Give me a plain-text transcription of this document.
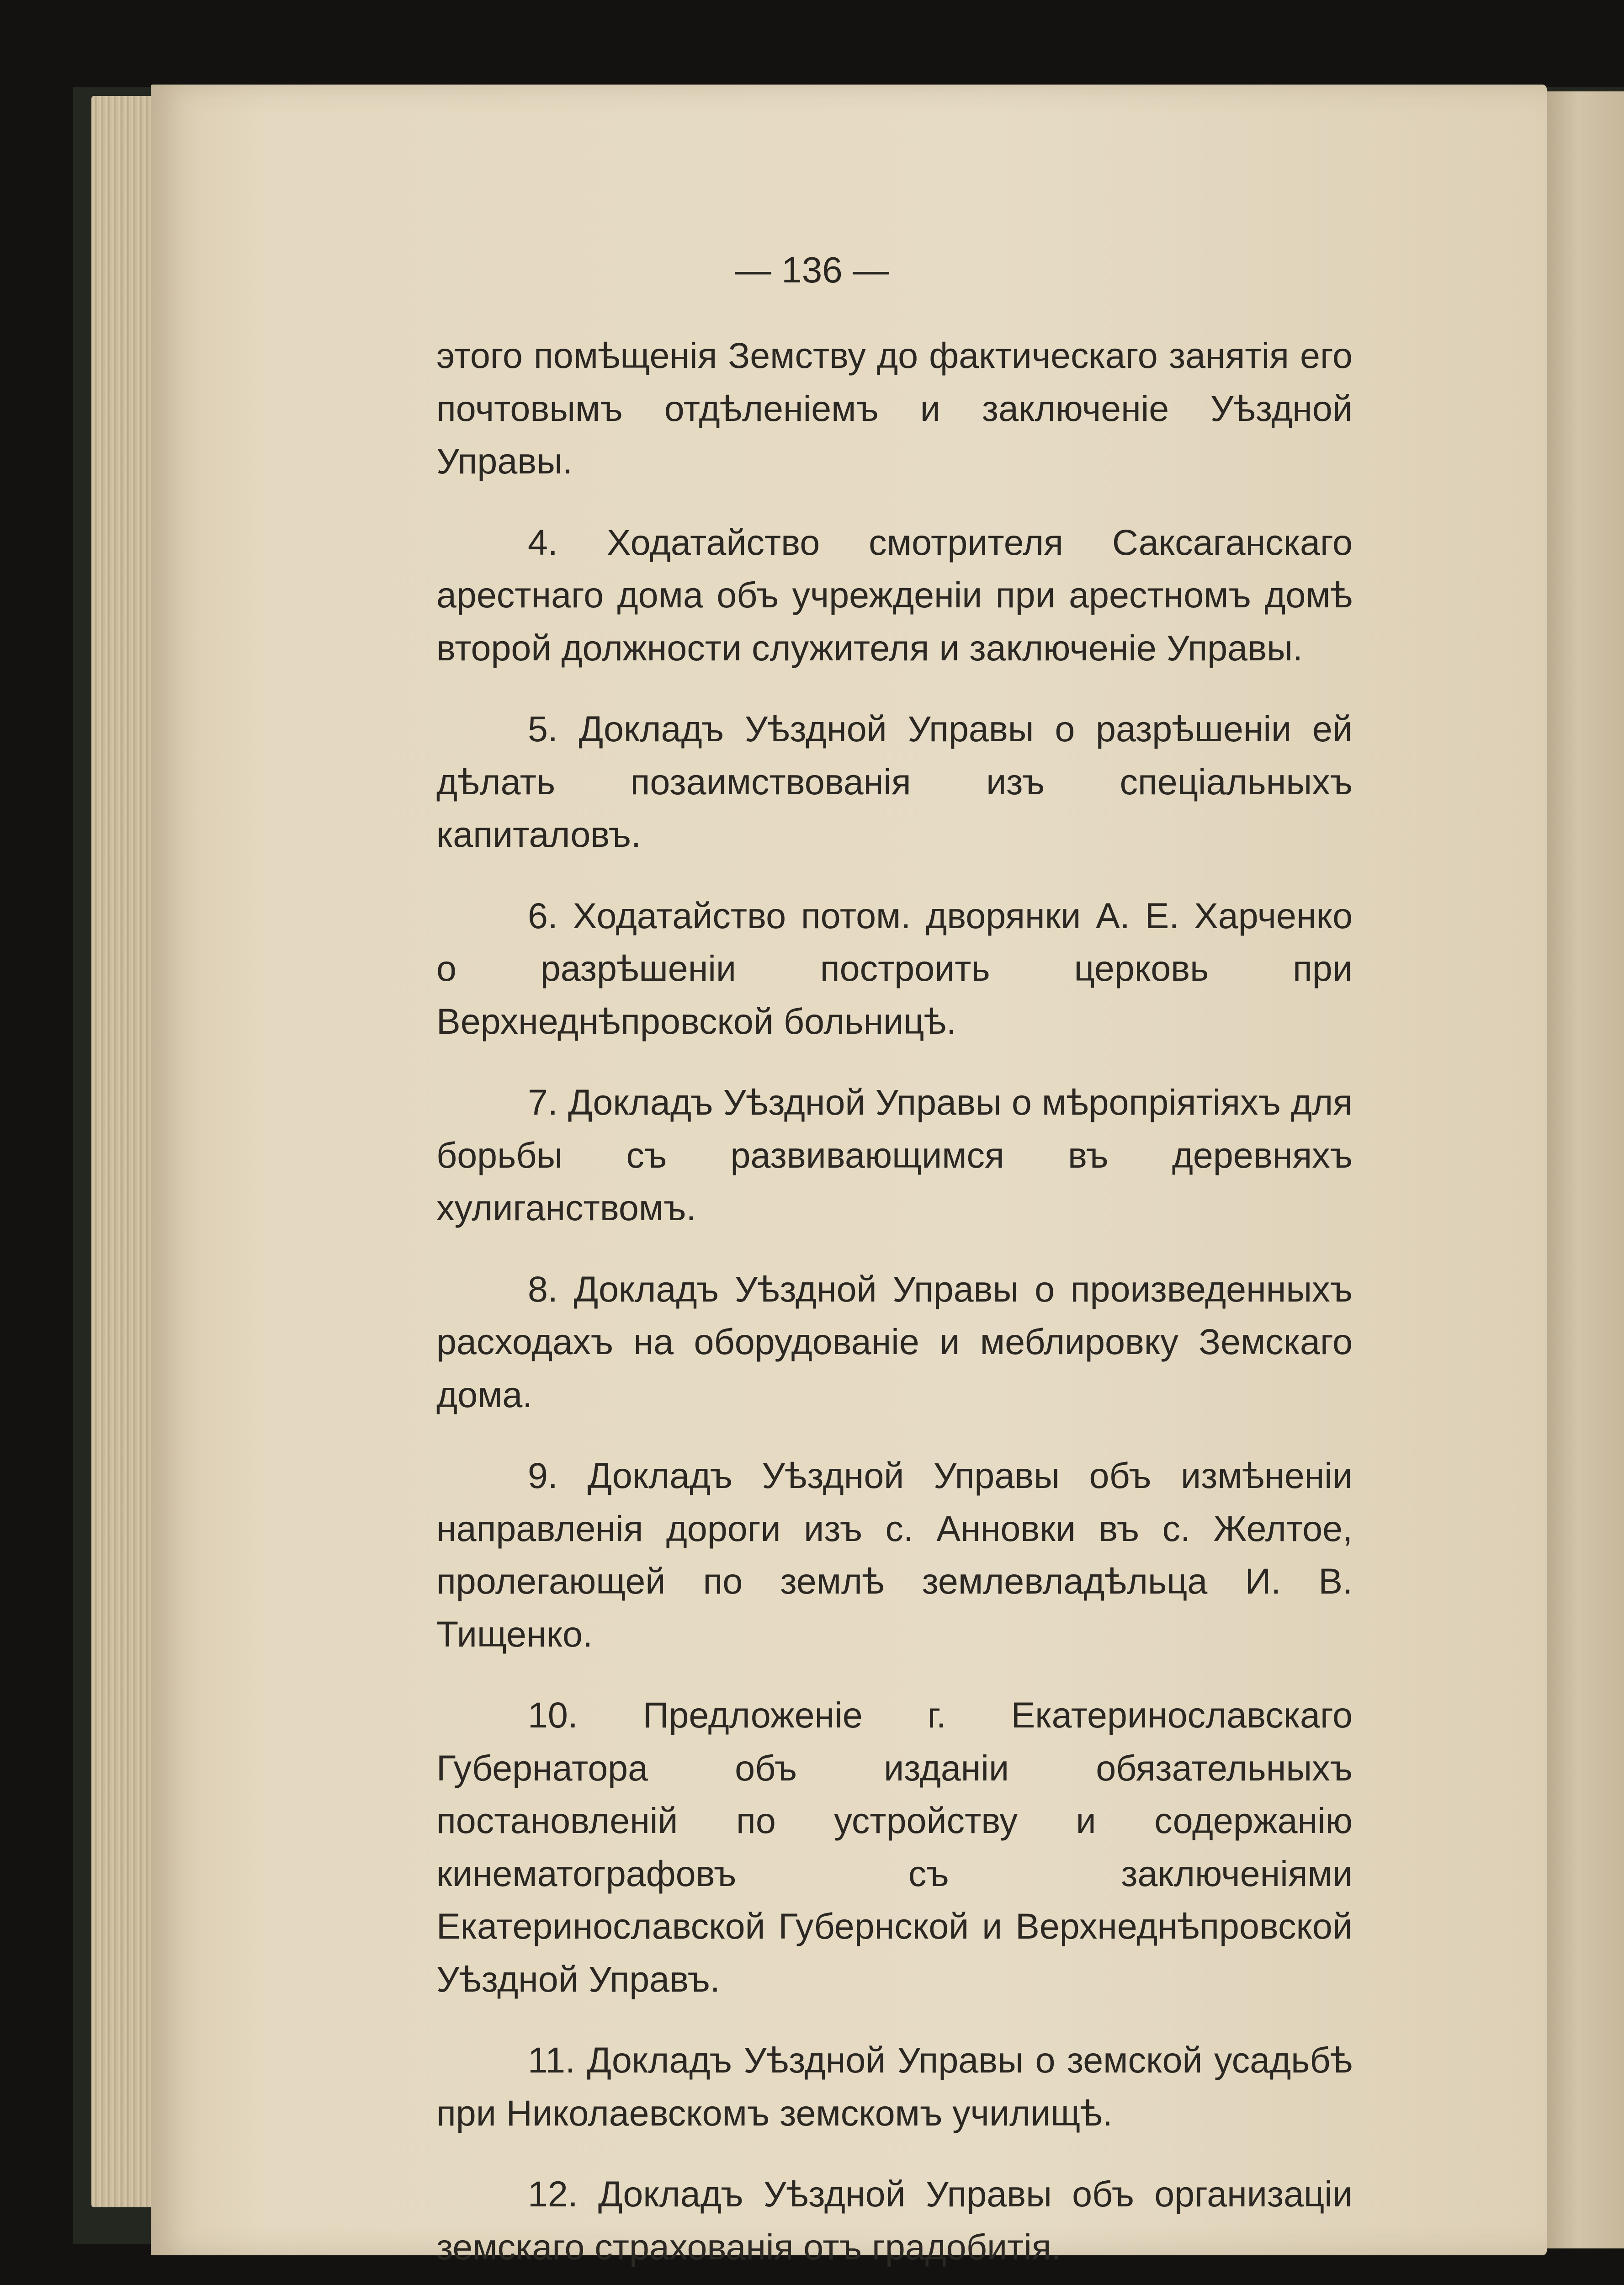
— 136 —

этого помѣщенія Земству до фактическаго занятія его почтовымъ отдѣленіемъ и заключеніе Уѣздной Управы.

4. Ходатайство смотрителя Саксаганскаго арестнаго дома объ учрежденіи при арестномъ домѣ второй должности служителя и заключеніе Управы.

5. Докладъ Уѣздной Управы о разрѣшеніи ей дѣлать позаимствованія изъ спеціальныхъ капиталовъ.

6. Ходатайство потом. дворянки А. Е. Харченко о разрѣшеніи построить церковь при Верхнеднѣпровской больницѣ.

7. Докладъ Уѣздной Управы о мѣропріятіяхъ для борьбы съ развивающимся въ деревняхъ хулиганствомъ.

8. Докладъ Уѣздной Управы о произведенныхъ расходахъ на оборудованіе и меблировку Земскаго дома.

9. Докладъ Уѣздной Управы объ измѣненіи направленія дороги изъ с. Анновки въ с. Желтое, пролегающей по землѣ землевладѣльца И. В. Тищенко.

10. Предложеніе г. Екатеринославскаго Губернатора объ изданіи обязательныхъ постановленій по устройству и содержанію кинематографовъ съ заключеніями Екатеринославской Губернской и Верхнеднѣпровской Уѣздной Управъ.

11. Докладъ Уѣздной Управы о земской усадьбѣ при Николаевскомъ земскомъ училищѣ.

12. Докладъ Уѣздной Управы объ организаціи земскаго страхованія отъ градобитія.
